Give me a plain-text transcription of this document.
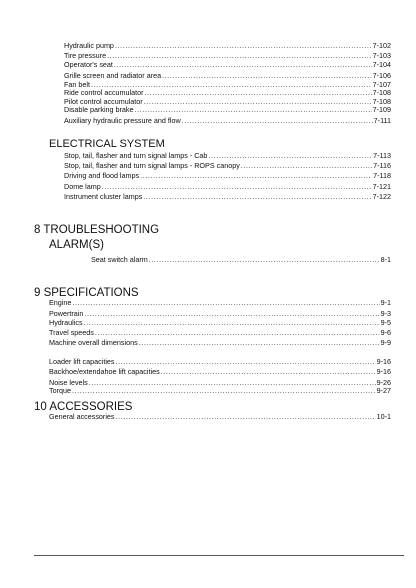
Hydraulic pump .....	7-102
Tire pressure .....	7-103
Operator's seat .....	7-104
Grille screen and radiator area .....	7-106
Fan belt .....	7-107
Ride control accumulator .....	7-108
Pilot control accumulator .....	7-108
Disable parking brake .....	7-109
Auxiliary hydraulic pressure and flow .....	7-111
ELECTRICAL SYSTEM
Stop, tail, flasher and turn signal lamps - Cab .....	7-113
Stop, tail, flasher and turn signal lamps - ROPS canopy .....	7-116
Driving and flood lamps .....	7-118
Dome lamp .....	7-121
Instrument cluster lamps .....	7-122
8 TROUBLESHOOTING
ALARM(S)
Seat switch alarm .....	8-1
9 SPECIFICATIONS
Engine .....	9-1
Powertrain .....	9-3
Hydraulics .....	9-5
Travel speeds .....	9-6
Machine overall dimensions .....	9-9
Loader lift capacities .....	9-16
Backhoe/extendahoe lift capacities .....	9-16
Noise levels .....	9-26
Torque .....	9-27
10 ACCESSORIES
General accessories .....	10-1
